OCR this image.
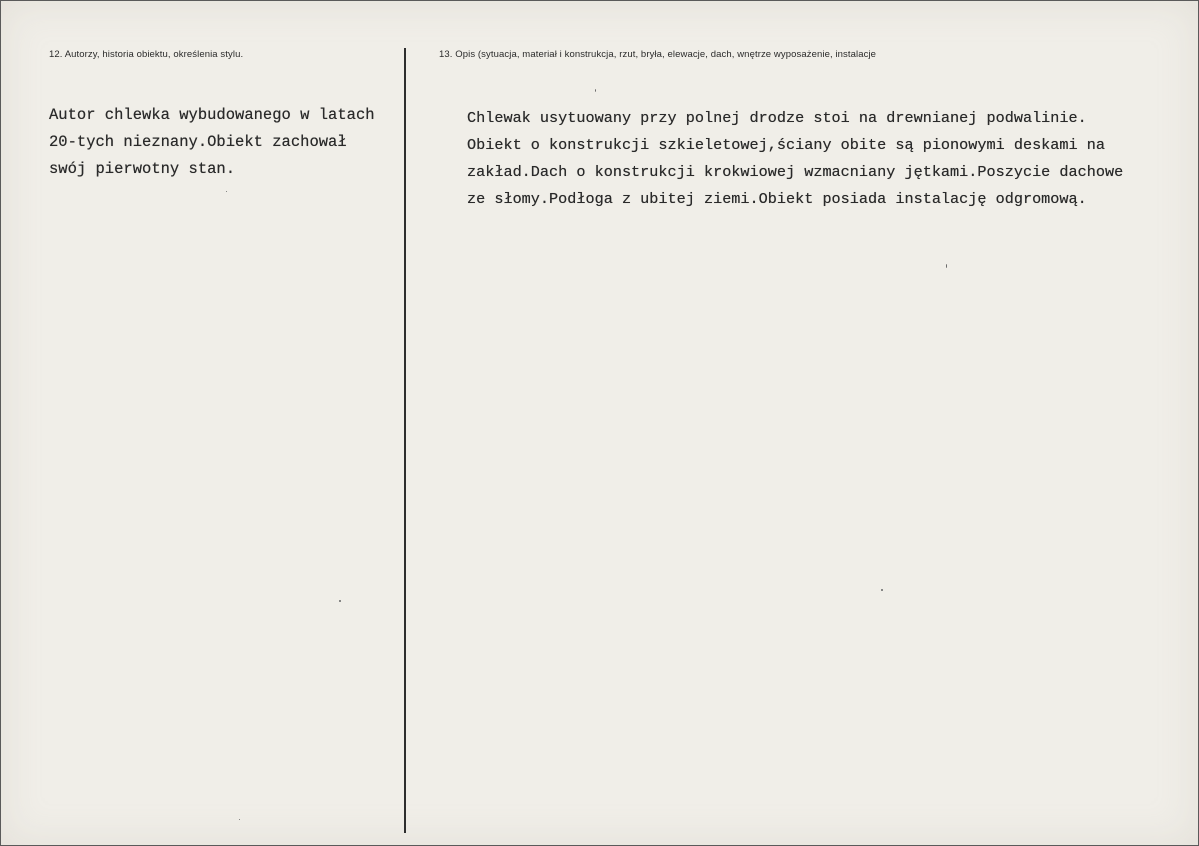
12. Autorzy, historia obiektu, określenia stylu.
Autor chlewka wybudowanego w latach
20-tych nieznany.Obiekt zachował
swój pierwotny stan.
13. Opis (sytuacja, materiał i konstrukcja, rzut, bryła, elewacje, dach, wnętrze wyposażenie, instalacje
Chlewak usytuowany przy polnej drodze stoi na drewnianej podwalinie.
Obiekt o konstrukcji szkieletowej,ściany obite są pionowymi deskami na
zakład.Dach o konstrukcji krokwiowej wzmacniany jętkami.Poszycie dachowe
ze słomy.Podłoga z ubitej ziemi.Obiekt posiada instalację odgromową.
